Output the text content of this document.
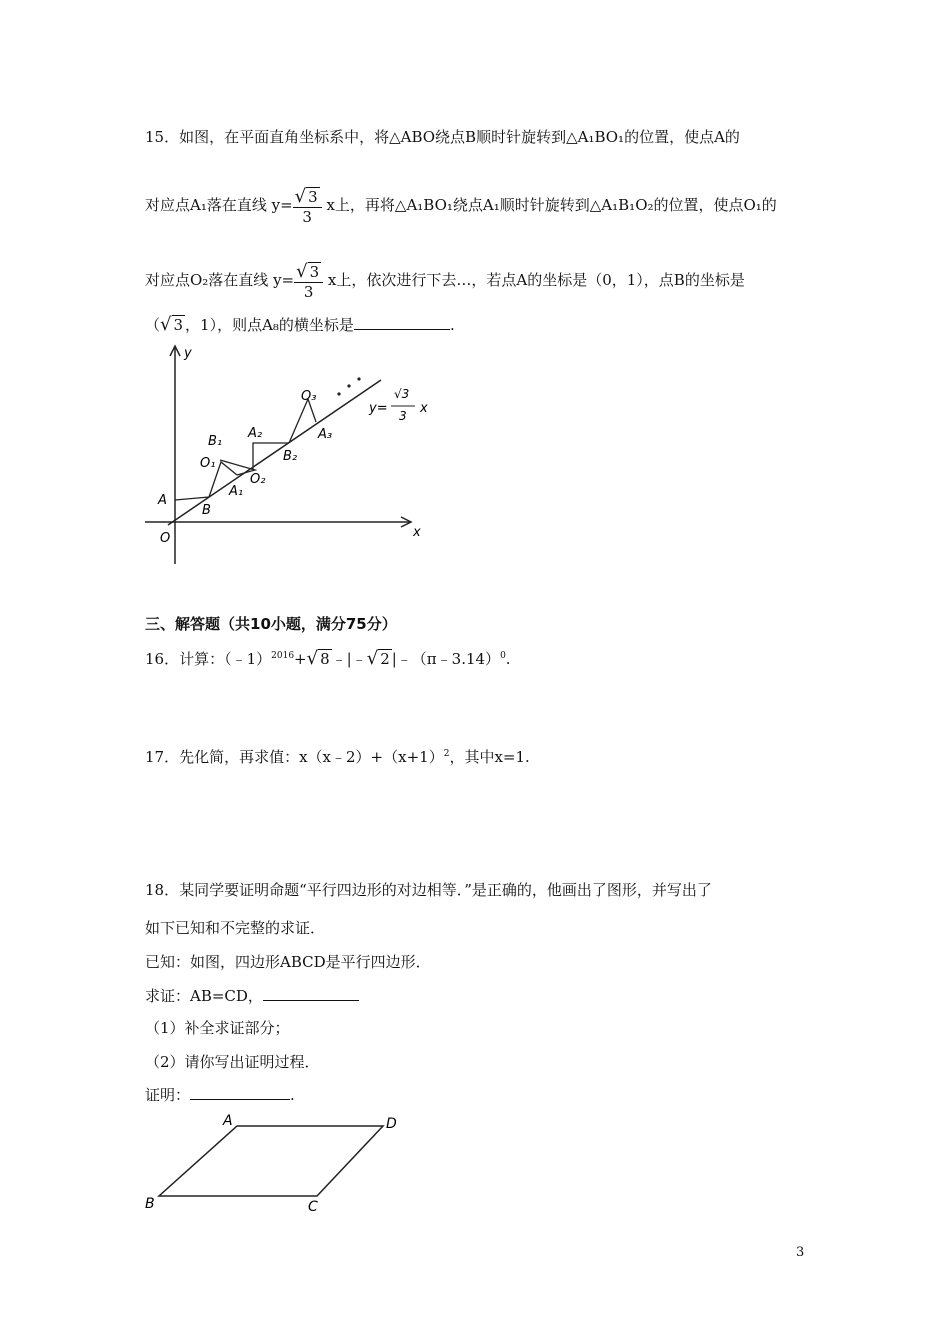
15．如图，在平面直角坐标系中，将△ABO绕点B顺时针旋转到△A₁BO₁的位置，使点A的
对应点A₁落在直线 $y= \frac{√ 3}{3}$ x上，再将△A₁BO₁绕点A₁顺时针旋转到△A₁B₁O₂的位置，使点O₁的
对应点O₂落在直线 $y= \frac{√ 3}{3}$ x上，依次进行下去…，若点A的坐标是（0，1），点B的坐标是
（√ 3 ，1），则点A₈的横坐标是	.
y
x
O
A
B
A₁
O₁
B₁
A₂
O₂
B₂
O₃
A₃
y=
√3
3 x
三、解答题（共10小题，满分75分）
16．计算：（﹣1）$^{2016}$+√ 8 ﹣|﹣√ 2 |﹣（π﹣3.14）$^0$.
17．先化简，再求值：$x(x﹣2)+(x+1)^2$，其中x=1.
18．某同学要证明命题“平行四边形的对边相等．”是正确的，他画出了图形，并写出了
如下已知和不完整的求证．
已知：如图，四边形ABCD是平行四边形．
求证：AB=CD，
（1）补全求证部分；
（2）请你写出证明过程．
证明：	.
A	D
B	C
3
